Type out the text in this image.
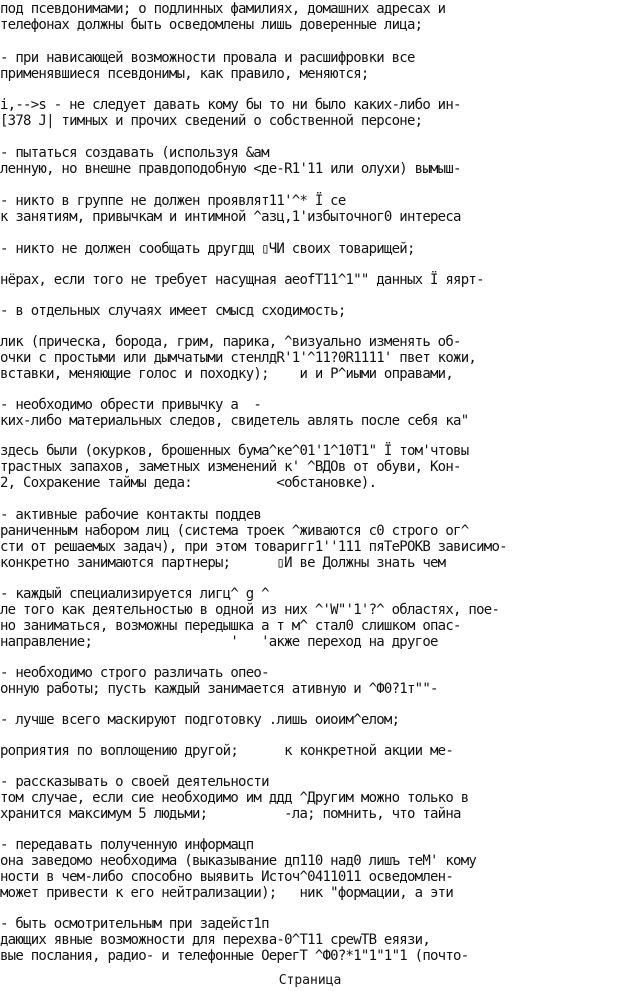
под псевдонимами; о подлинных фамилиях, домашних адресах и

телефонах должны быть осведомлены лишь доверенные лица;

- при нависающей возможности провала и расшифровки все

применявшиеся псевдонимы, как правило, меняются;

i,-->s - не следует давать кому бы то ни было каких-либо ин-

[378 J| тимных и прочих сведений о собственной персоне;

- пытаться создавать (используя &ам

ленную, но внешне правдоподобную <де-R1'11 или олухи) вымыш-

- никто в группе не должен проявлят11'^* Ї се

к занятиям, привычкам и интимной ^азц,1'избыточног0 интереса

- никто не должен сообщать другдщ ▯ЧИ своих товарищей;

нёрах, если того не требует насущная aeofT11^1"" данных Ї яярт-

- в отдельных случаях имеет смысд сходимость;

лик (прическа, борода, грим, парика, ^визуально изменять об-

очки с простыми или дымчатыми стенлдR'1'^11?0R1111' пвет кожи,

вставки, меняющие голос и походку);    и и Р^иыми оправами,

- необходимо обрести привычку а  -

ких-либо материальных следов, свидетель авлять после себя ка"

здесь были (окурков, брошенных бума^ке^01'1^10T1" Ї том'чтовы

трастных запахов, заметных изменений к' ^ВДОв от обуви, Кон-

2, Сохракение таймы деда:           <обстановке).

- активные рабочие контакты поддев

раниченным набором лиц (система троек ^живаются с0 строго ог^

сти от решаемых задач), при этом товаригг1''111 пяТеРОКВ зависимо-

конкретно занимаются партнеры;      ▯И ве Должны знать чем

- каждый специализируется лигц^ g ^

ле того как деятельностью в одной из них ^'W"'1'?^ областях, пое-

но заниматься, возможны передышка а т м^ стал0 слишком опас-

направление;                  '   'акже переход на другое

- необходимо строго различать опео-

онную работы; пусть каждый занимается ативную и ^Ф0?1т""-

- лучше всего маскируют подготовку .лишь оиоим^елом;

роприятия по воплощению другой;      к конкретной акции ме-

- рассказывать о своей деятельности

том случае, если сие необходимо им ддд ^Другим можно только в

хранится максимум 5 людьми;          -ла; помнить, что тайна

- передавать полученную информацп

она заведомо необходима (выказывание дп110 над0 лишъ тeM' кому

ности в чем-либо способно выявить Источ^0411011 осведомлен-

может привести к его нейтрализации);   ник "формации, а эти

- быть осмотрительным при задейст1п

дающих явные возможности для перехва-0^T11 сpewTB еяязи,

вые послания, радио- и телефонные ОерегТ ^Ф0?*1"1"1"1 (почто-

Страница
